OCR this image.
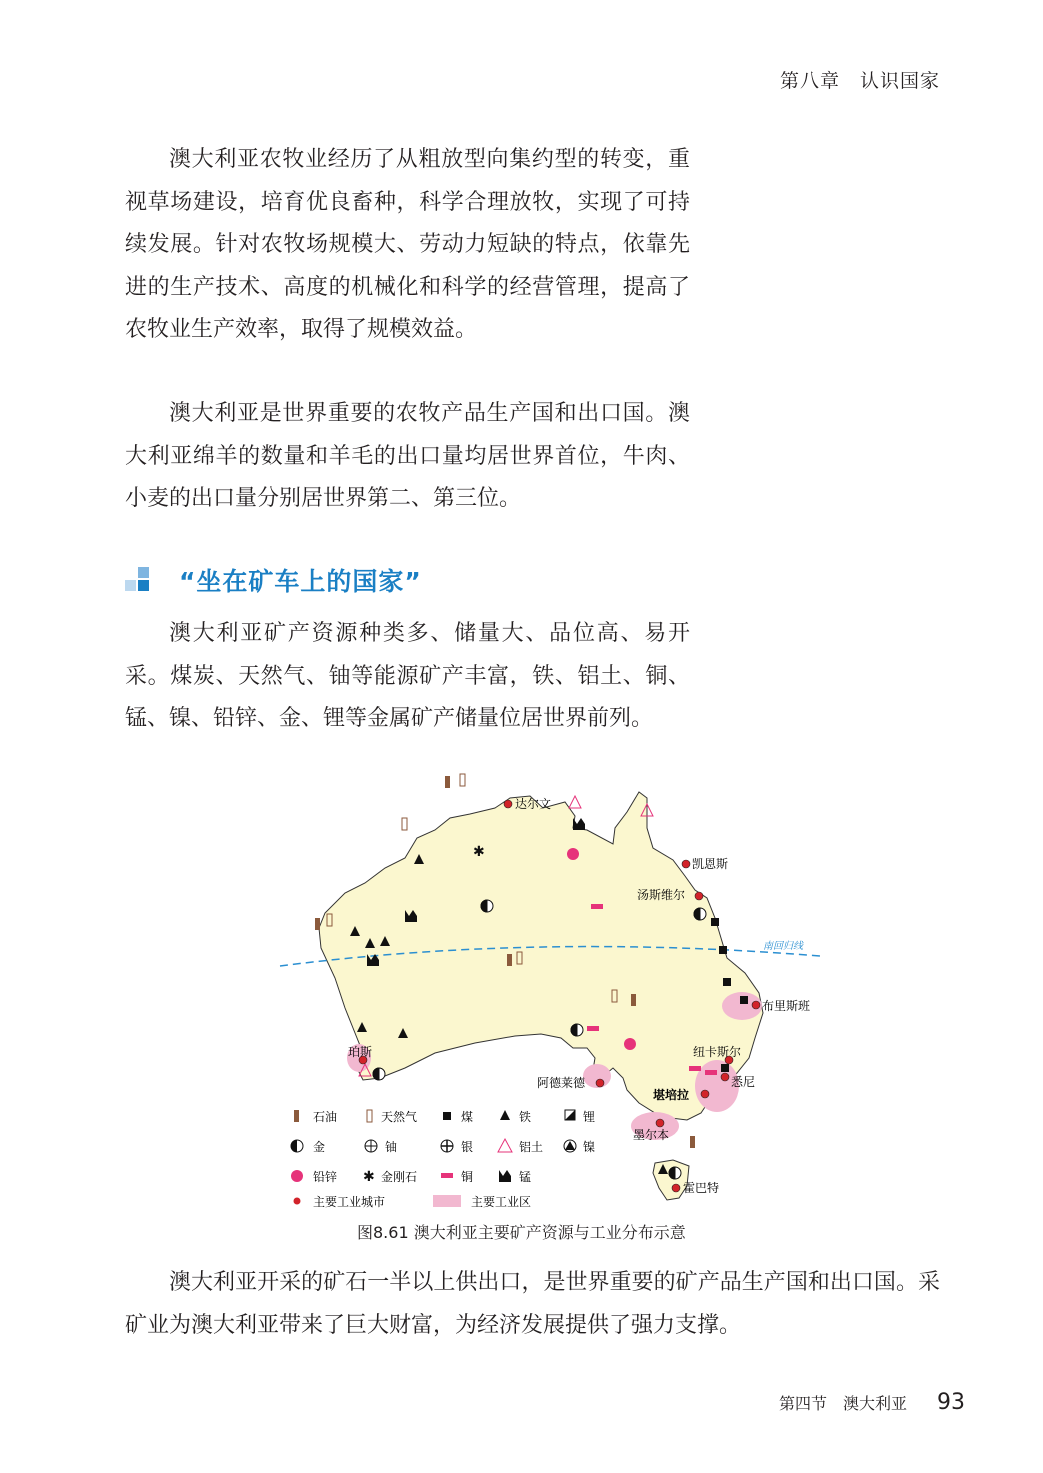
第八章　认识国家

澳大利亚农牧业经历了从粗放型向集约型的转变，重视草场建设，培育优良畜种，科学合理放牧，实现了可持续发展。针对农牧场规模大、劳动力短缺的特点，依靠先进的生产技术、高度的机械化和科学的经营管理，提高了农牧业生产效率，取得了规模效益。

澳大利亚是世界重要的农牧产品生产国和出口国。澳大利亚绵羊的数量和羊毛的出口量均居世界首位，牛肉、小麦的出口量分别居世界第二、第三位。

“坐在矿车上的国家”

澳大利亚矿产资源种类多、储量大、品位高、易开采。煤炭、天然气、铀等能源矿产丰富，铁、铝土、铜、锰、镍、铅锌、金、锂等金属矿产储量位居世界前列。

南回归线
✱
达尔文
凯恩斯
汤斯维尔
布里斯班
纽卡斯尔
悉尼
堪培拉
墨尔本
阿德莱德
珀斯
霍巴特
石油	天然气	煤	铁	锂
金	铀	银	铝土	镍
铅锌 ✱ 金刚石	铜	锰
主要工业城市	主要工业区
图8.61 澳大利亚主要矿产资源与工业分布示意

澳大利亚开采的矿石一半以上供出口，是世界重要的矿产品生产国和出口国。采矿业为澳大利亚带来了巨大财富，为经济发展提供了强力支撑。

第四节　澳大利亚 93
